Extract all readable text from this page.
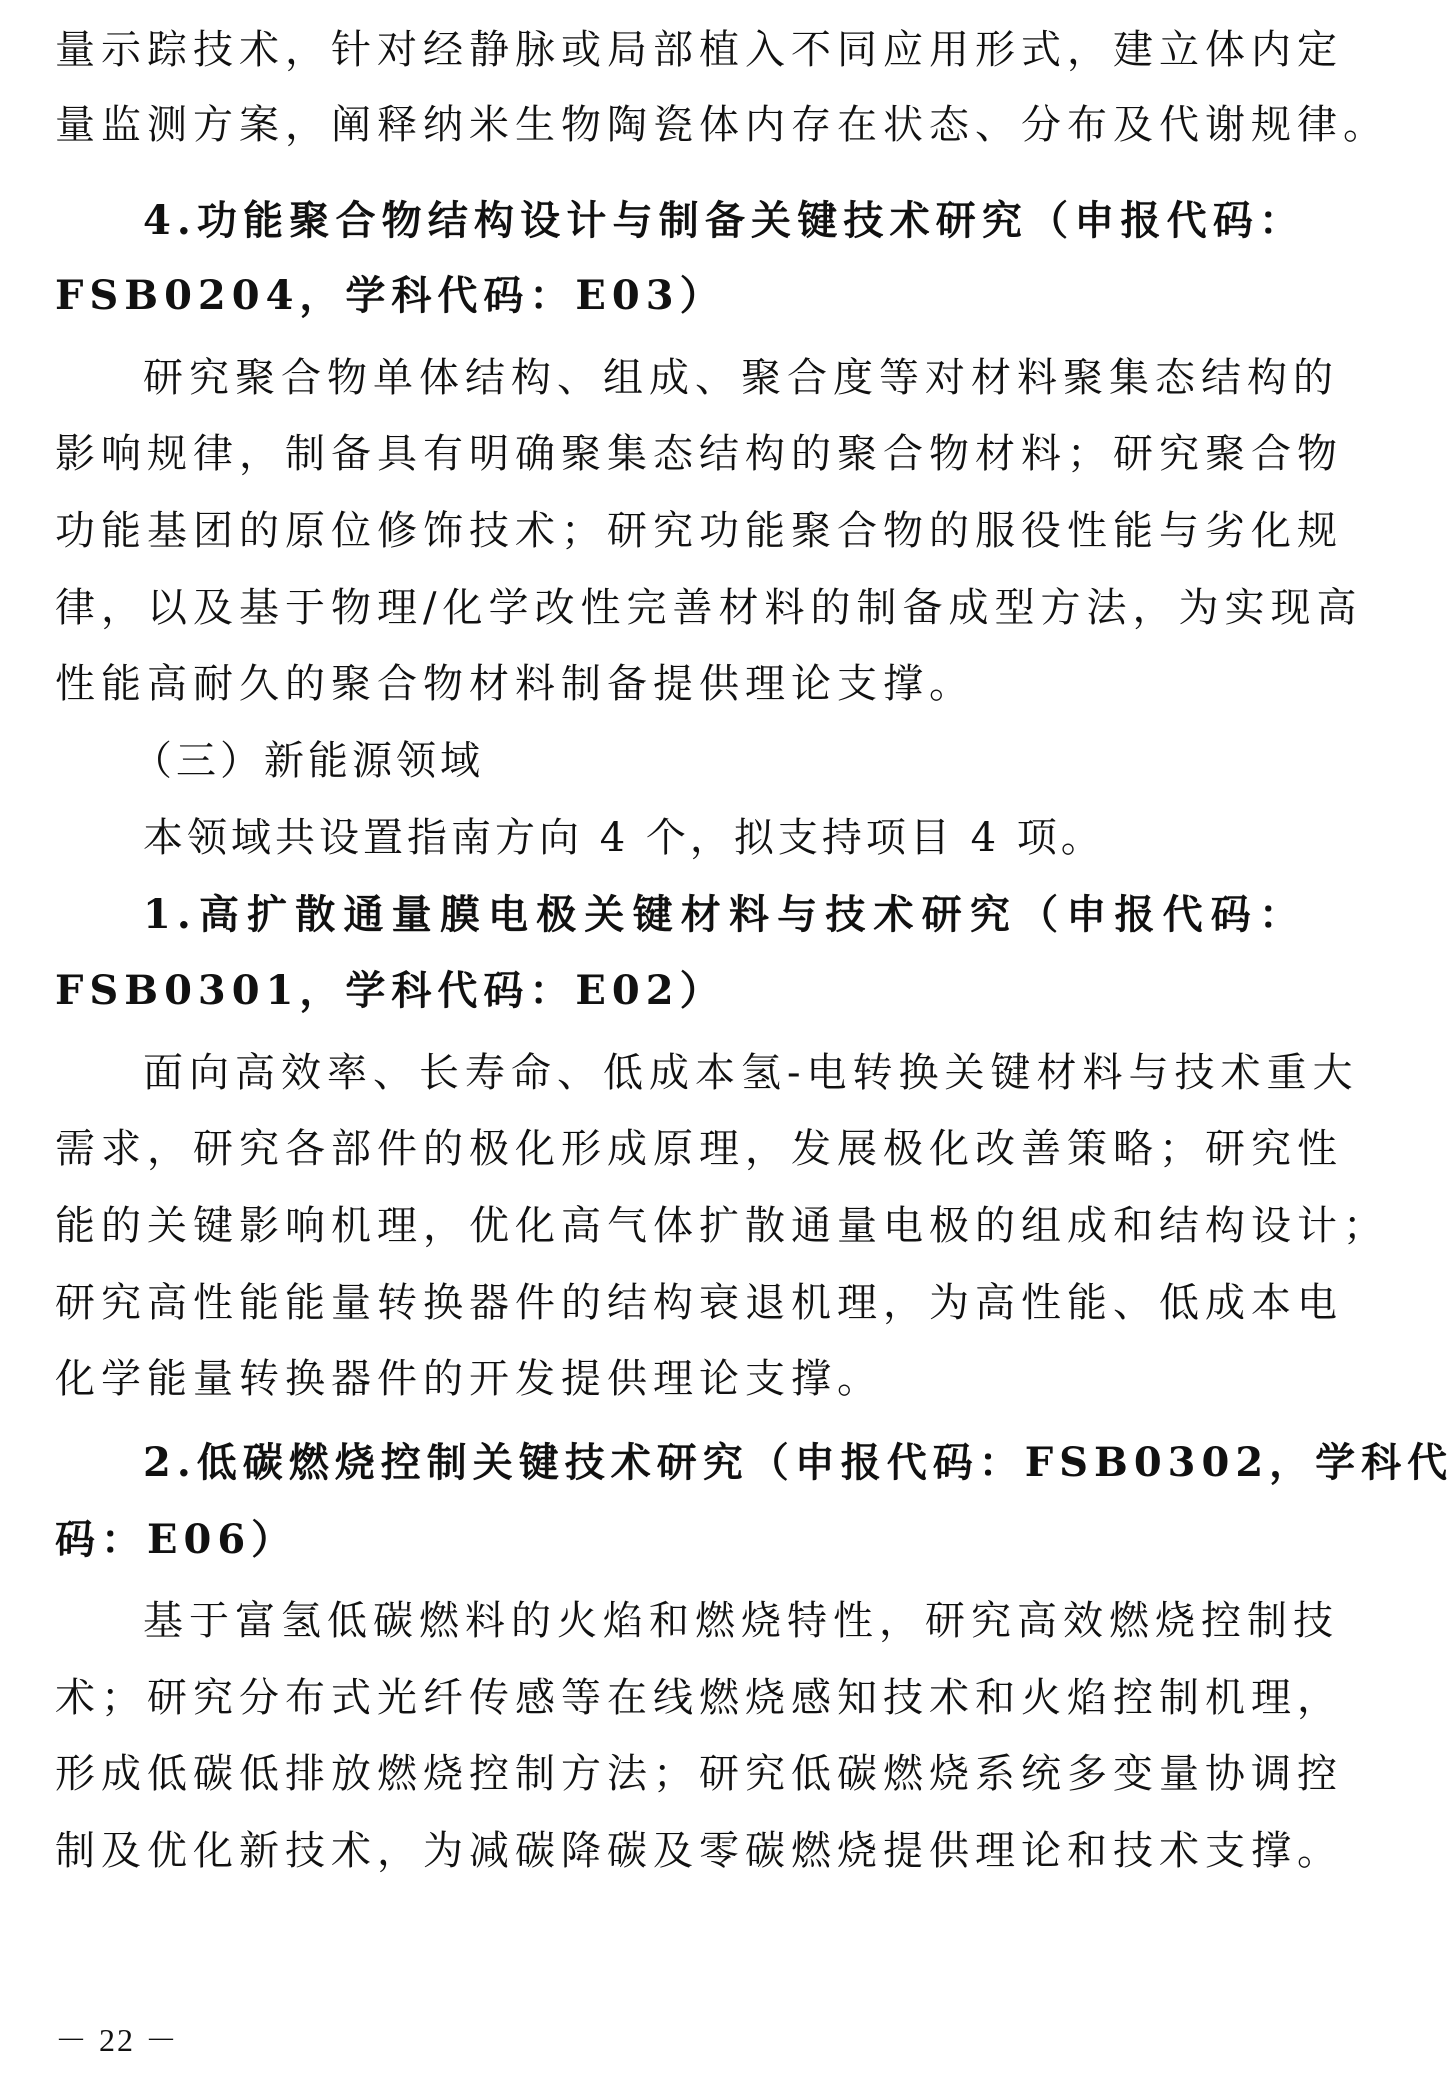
量示踪技术，针对经静脉或局部植入不同应用形式，建立体内定
量监测方案，阐释纳米生物陶瓷体内存在状态、分布及代谢规律。
4.功能聚合物结构设计与制备关键技术研究（申报代码：
FSB0204，学科代码：E03）
研究聚合物单体结构、组成、聚合度等对材料聚集态结构的
影响规律，制备具有明确聚集态结构的聚合物材料；研究聚合物
功能基团的原位修饰技术；研究功能聚合物的服役性能与劣化规
律，以及基于物理/化学改性完善材料的制备成型方法，为实现高
性能高耐久的聚合物材料制备提供理论支撑。
（三）新能源领域
本领域共设置指南方向 4 个，拟支持项目 4 项。
1.高扩散通量膜电极关键材料与技术研究（申报代码：
FSB0301，学科代码：E02）
面向高效率、长寿命、低成本氢-电转换关键材料与技术重大
需求，研究各部件的极化形成原理，发展极化改善策略；研究性
能的关键影响机理，优化高气体扩散通量电极的组成和结构设计；
研究高性能能量转换器件的结构衰退机理，为高性能、低成本电
化学能量转换器件的开发提供理论支撑。
2.低碳燃烧控制关键技术研究（申报代码：FSB0302，学科代
码：E06）
基于富氢低碳燃料的火焰和燃烧特性，研究高效燃烧控制技
术；研究分布式光纤传感等在线燃烧感知技术和火焰控制机理，
形成低碳低排放燃烧控制方法；研究低碳燃烧系统多变量协调控
制及优化新技术，为减碳降碳及零碳燃烧提供理论和技术支撑。
－ 22 －
